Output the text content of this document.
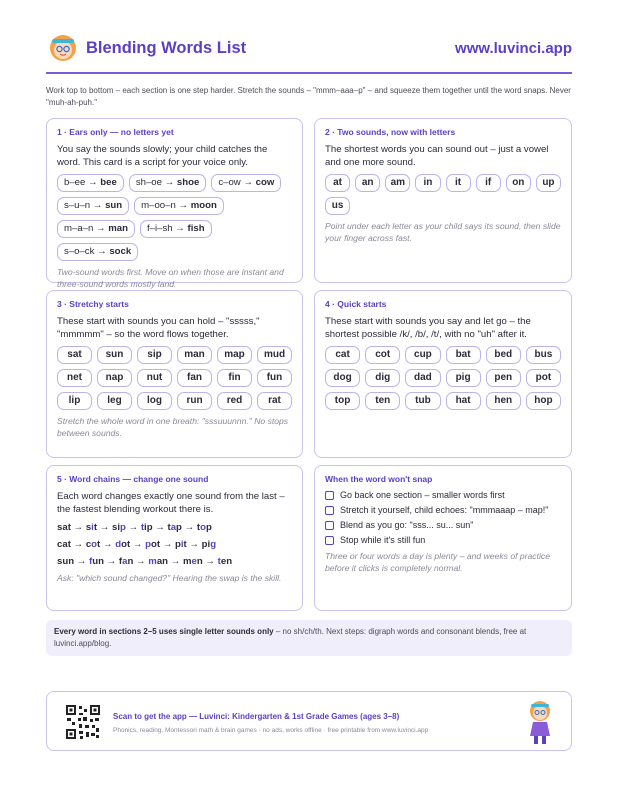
Blending Words List	www.luvinci.app
Work top to bottom – each section is one step harder. Stretch the sounds – "mmm–aaa–p" – and squeeze them together until the word snaps. Never "muh-ah-puh."
1 · Ears only — no letters yet

You say the sounds slowly; your child catches the word. This card is a script for your voice only.

b–ee → bee	sh–oe → shoe	c–ow → cow
s–u–n → sun	m–oo–n → moon
m–a–n → man	f–i–sh → fish
s–o–ck → sock

Two-sound words first. Move on when those are instant and three-sound words mostly land.

2 · Two sounds, now with letters

The shortest words you can sound out – just a vowel and one more sound.

at	an	am	in	it	if	on	up
us

Point under each letter as your child says its sound, then slide your finger across fast.

3 · Stretchy starts

These start with sounds you can hold – "sssss," "mmmmm" – so the word flows together.

sat	sun	sip	man	map	mud
net	nap	nut	fan	fin	fun
lip	leg	log	run	red	rat

Stretch the whole word in one breath: "sssuuunnn." No stops between sounds.

4 · Quick starts

These start with sounds you say and let go – the shortest possible /k/, /b/, /t/, with no "uh" after it.

cat	cot	cup	bat	bed	bus
dog	dig	dad	pig	pen	pot
top	ten	tub	hat	hen	hop
5 · Word chains — change one sound

Each word changes exactly one sound from the last – the fastest blending workout there is.

sat → sit → sip → tip → tap → top

cat → cot → dot → pot → pit → pig

sun → fun → fan → man → men → ten

Ask: "which sound changed?" Hearing the swap is the skill.

When the word won't snap
Go back one section – smaller words first
Stretch it yourself, child echoes: "mmmaaap – map!"
Blend as you go: "sss... su... sun"
Stop while it's still fun

Three or four words a day is plenty – and weeks of practice before it clicks is completely normal.

Every word in sections 2–5 uses single letter sounds only – no sh/ch/th. Next steps: digraph words and consonant blends, free at luvinci.app/blog.
Scan to get the app — Luvinci: Kindergarten & 1st Grade Games (ages 3–8)
Phonics, reading, Montessori math & brain games · no ads, works offline · free printable from www.luvinci.app
